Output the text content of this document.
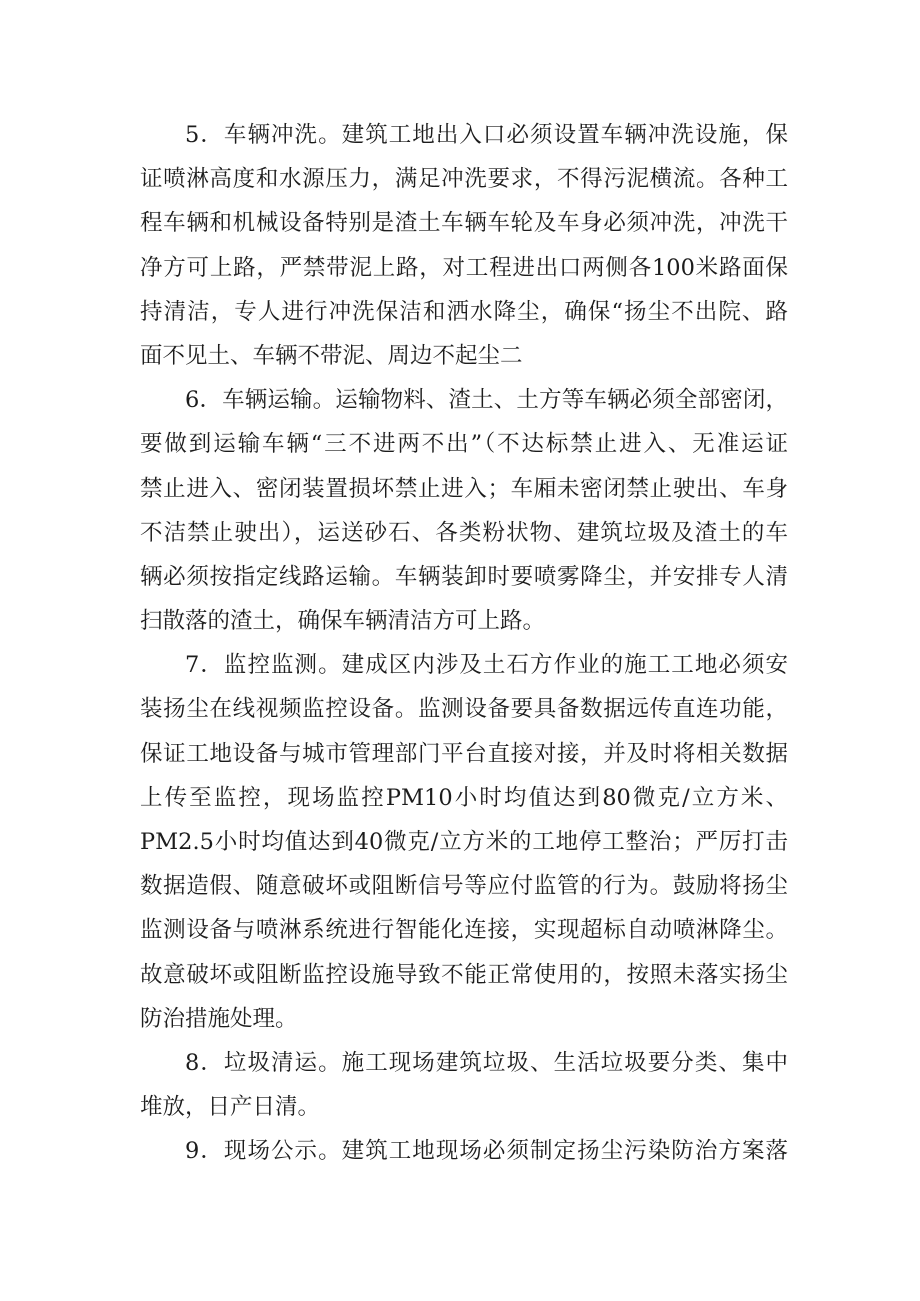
5．车辆冲洗。建筑工地出入口必须设置车辆冲洗设施，保
证喷淋高度和水源压力，满足冲洗要求，不得污泥横流。各种工
程车辆和机械设备特别是渣土车辆车轮及车身必须冲洗，冲洗干
净方可上路，严禁带泥上路，对工程进出口两侧各100米路面保
持清洁，专人进行冲洗保洁和洒水降尘，确保“扬尘不出院、路
面不见土、车辆不带泥、周边不起尘二
6．车辆运输。运输物料、渣土、土方等车辆必须全部密闭，
要做到运输车辆“三不进两不出”（不达标禁止进入、无准运证
禁止进入、密闭装置损坏禁止进入；车厢未密闭禁止驶出、车身
不洁禁止驶出），运送砂石、各类粉状物、建筑垃圾及渣土的车
辆必须按指定线路运输。车辆装卸时要喷雾降尘，并安排专人清
扫散落的渣土，确保车辆清洁方可上路。
7．监控监测。建成区内涉及土石方作业的施工工地必须安
装扬尘在线视频监控设备。监测设备要具备数据远传直连功能，
保证工地设备与城市管理部门平台直接对接，并及时将相关数据
上传至监控，现场监控PM10小时均值达到80微克/立方米、
PM2.5小时均值达到40微克/立方米的工地停工整治；严厉打击
数据造假、随意破坏或阻断信号等应付监管的行为。鼓励将扬尘
监测设备与喷淋系统进行智能化连接，实现超标自动喷淋降尘。
故意破坏或阻断监控设施导致不能正常使用的，按照未落实扬尘
防治措施处理。
8．垃圾清运。施工现场建筑垃圾、生活垃圾要分类、集中
堆放，日产日清。
9．现场公示。建筑工地现场必须制定扬尘污染防治方案落
